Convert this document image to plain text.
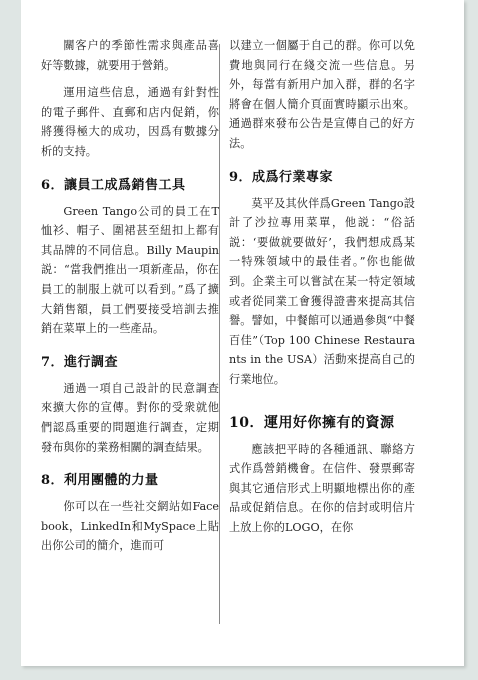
關客户的季節性需求與產品喜好等數據，就要用于營銷。

運用這些信息，通過有針對性的電子郵件、直郵和店内促銷，你將獲得極大的成功，因爲有數據分析的支持。

6．讓員工成爲銷售工具

Green Tango公司的員工在T恤衫、帽子、圍裙甚至紐扣上都有其品牌的不同信息。Billy Maupin説：“當我們推出一項新產品，你在員工的制服上就可以看到。”爲了擴大銷售額，員工們要接受培訓去推銷在菜單上的一些產品。

7．進行調查

通過一項自己設計的民意調查來擴大你的宣傳。對你的受衆就他們認爲重要的問題進行調查，定期發布與你的業務相關的調查結果。

8．利用團體的力量

你可以在一些社交網站如Facebook，LinkedIn和MySpace上貼出你公司的簡介，進而可

以建立一個屬于自己的群。你可以免費地與同行在綫交流一些信息。另外，每當有新用户加入群，群的名字將會在個人簡介頁面實時顯示出來。通過群來發布公告是宣傳自己的好方法。

9．成爲行業專家

莫平及其伙伴爲Green Tango設計了沙拉專用菜單，他説：“俗話説：‘要做就要做好’，我們想成爲某一特殊領域中的最佳者。”你也能做到。企業主可以嘗試在某一特定領域或者從同業工會獲得證書來提高其信譽。譬如，中餐館可以通過參與“中餐百佳”（Top 100 Chinese Restaurants in the USA）活動來提高自己的行業地位。

10．運用好你擁有的資源

應該把平時的各種通訊、聯絡方式作爲營銷機會。在信件、發票郵寄與其它通信形式上明顯地標出你的產品或促銷信息。在你的信封或明信片上放上你的LOGO，在你
